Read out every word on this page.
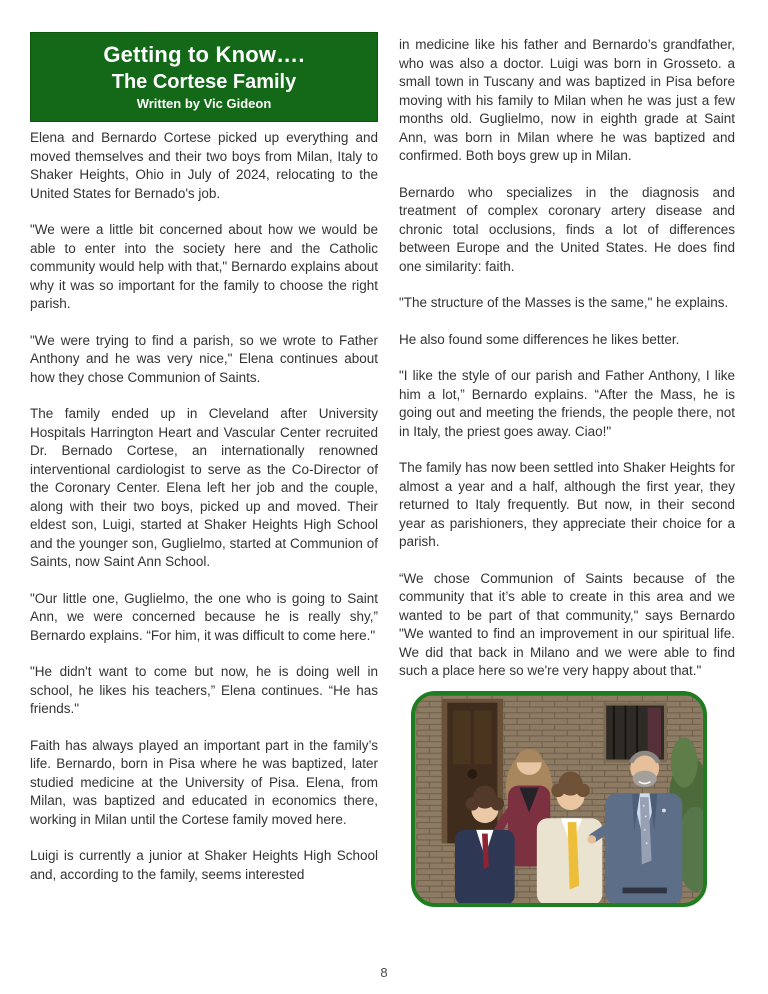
Getting to Know….
The Cortese Family
Written by Vic Gideon

Elena and Bernardo Cortese picked up everything and moved themselves and their two boys from Milan, Italy to Shaker Heights, Ohio in July of 2024, relocating to the United States for Bernado's job.

"We were a little bit concerned about how we would be able to enter into the society here and the Catholic community would help with that," Bernardo explains about why it was so important for the family to choose the right parish.

"We were trying to find a parish, so we wrote to Father Anthony and he was very nice," Elena continues about how they chose Communion of Saints.

The family ended up in Cleveland after University Hospitals Harrington Heart and Vascular Center recruited Dr. Bernado Cortese, an internationally renowned interventional cardiologist to serve as the Co-Director of the Coronary Center. Elena left her job and the couple, along with their two boys, picked up and moved. Their eldest son, Luigi, started at Shaker Heights High School and the younger son, Guglielmo, started at Communion of Saints, now Saint Ann School.

"Our little one, Guglielmo, the one who is going to Saint Ann, we were concerned because he is really shy,” Bernardo explains. “For him, it was difficult to come here."

"He didn't want to come but now, he is doing well in school, he likes his teachers,” Elena continues. “He has friends."

Faith has always played an important part in the family’s life. Bernardo, born in Pisa where he was baptized, later studied medicine at the University of Pisa. Elena, from Milan, was baptized and educated in economics there, working in Milan until the Cortese family moved here.

Luigi is currently a junior at Shaker Heights High School and, according to the family, seems interested

in medicine like his father and Bernardo’s grandfather, who was also a doctor. Luigi was born in Grosseto. a small town in Tuscany and was baptized in Pisa before moving with his family to Milan when he was just a few months old. Guglielmo, now in eighth grade at Saint Ann, was born in Milan where he was baptized and confirmed. Both boys grew up in Milan.

Bernardo who specializes in the diagnosis and treatment of complex coronary artery disease and chronic total occlusions, finds a lot of differences between Europe and the United States. He does find one similarity: faith.

"The structure of the Masses is the same," he explains.

He also found some differences he likes better.

"I like the style of our parish and Father Anthony, I like him a lot,” Bernardo explains. “After the Mass, he is going out and meeting the friends, the people there, not in Italy, the priest goes away. Ciao!"

The family has now been settled into Shaker Heights for almost a year and a half, although the first year, they returned to Italy frequently. But now, in their second year as parishioners, they appreciate their choice for a parish.

“We chose Communion of Saints because of the community that it’s able to create in this area and we wanted to be part of that community," says Bernardo "We wanted to find an improvement in our spiritual life. We did that back in Milano and we were able to find such a place here so we're very happy about that."

8
